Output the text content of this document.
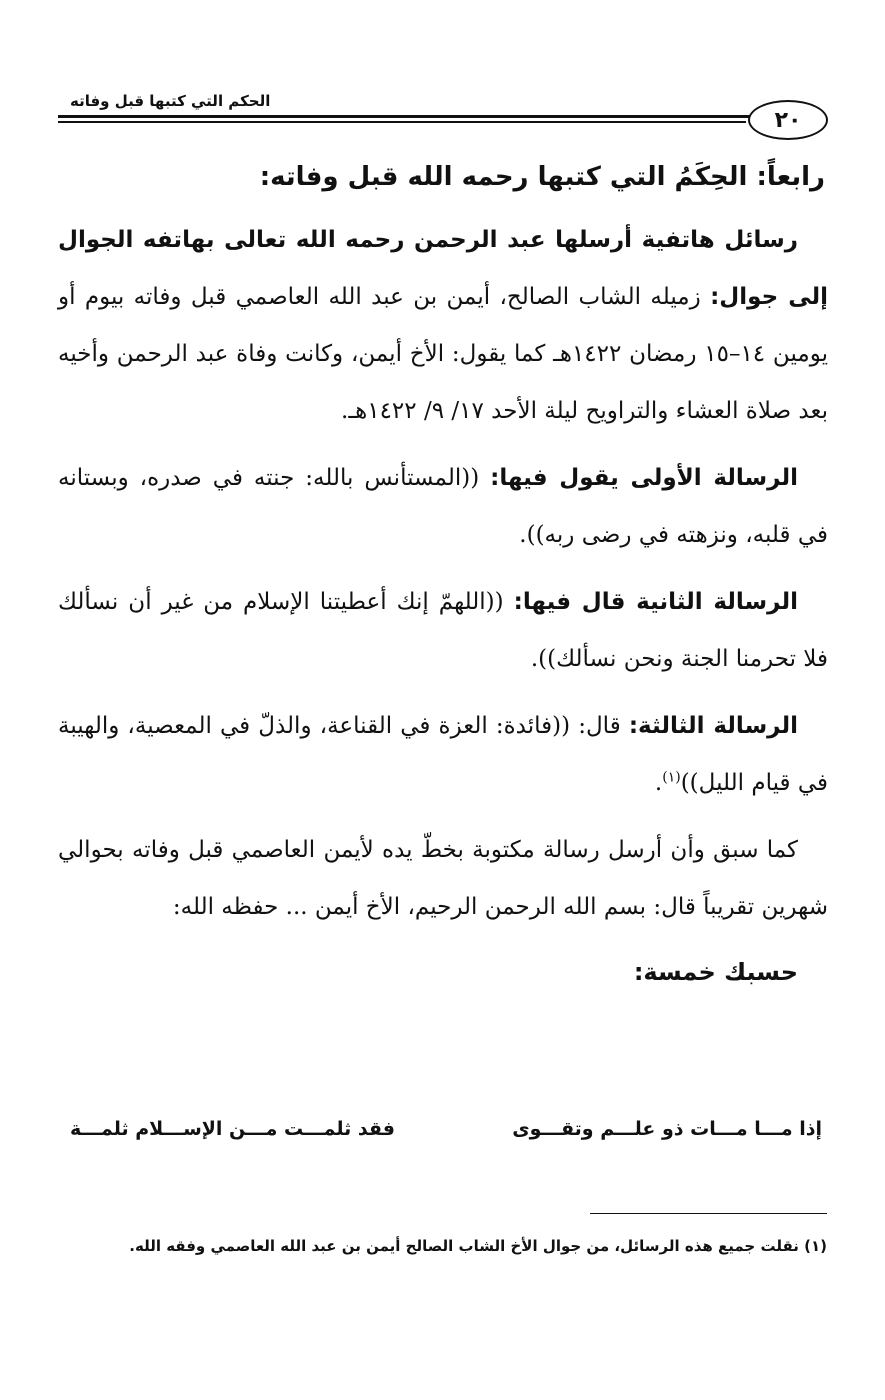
الحكم التي كتبها قبل وفاته
٢٠
رابعاً: الحِكَمُ التي كتبها رحمه الله قبل وفاته:

رسائل هاتفية أرسلها عبد الرحمن رحمه الله تعالى بهاتفه الجوال إلى جوال: زميله الشاب الصالح، أيمن بن عبد الله العاصمي قبل وفاته بيوم أو يومين ١٤–١٥ رمضان ١٤٢٢هـ كما يقول: الأخ أيمن، وكانت وفاة عبد الرحمن وأخيه بعد صلاة العشاء والتراويح ليلة الأحد ١٧/ ٩/ ١٤٢٢هـ.

الرسالة الأولى يقول فيها: ((المستأنس بالله: جنته في صدره، وبستانه في قلبه، ونزهته في رضى ربه)).

الرسالة الثانية قال فيها: ((اللهمّ إنك أعطيتنا الإسلام من غير أن نسألك فلا تحرمنا الجنة ونحن نسألك)).

الرسالة الثالثة: قال: ((فائدة: العزة في القناعة، والذلّ في المعصية، والهيبة في قيام الليل))$^{(١)}$.

كما سبق وأن أرسل رسالة مكتوبة بخطّ يده لأيمن العاصمي قبل وفاته بحوالي شهرين تقريباً قال: بسم الله الرحمن الرحيم، الأخ أيمن ... حفظه الله:

حسبك خمسة:

إذا مـــا مـــات ذو علـــم وتقـــوى
فقد ثلمـــت مـــن الإســـلام ثلمـــة
(١) نقلت جميع هذه الرسائل، من جوال الأخ الشاب الصالح أيمن بن عبد الله العاصمي وفقه الله.
